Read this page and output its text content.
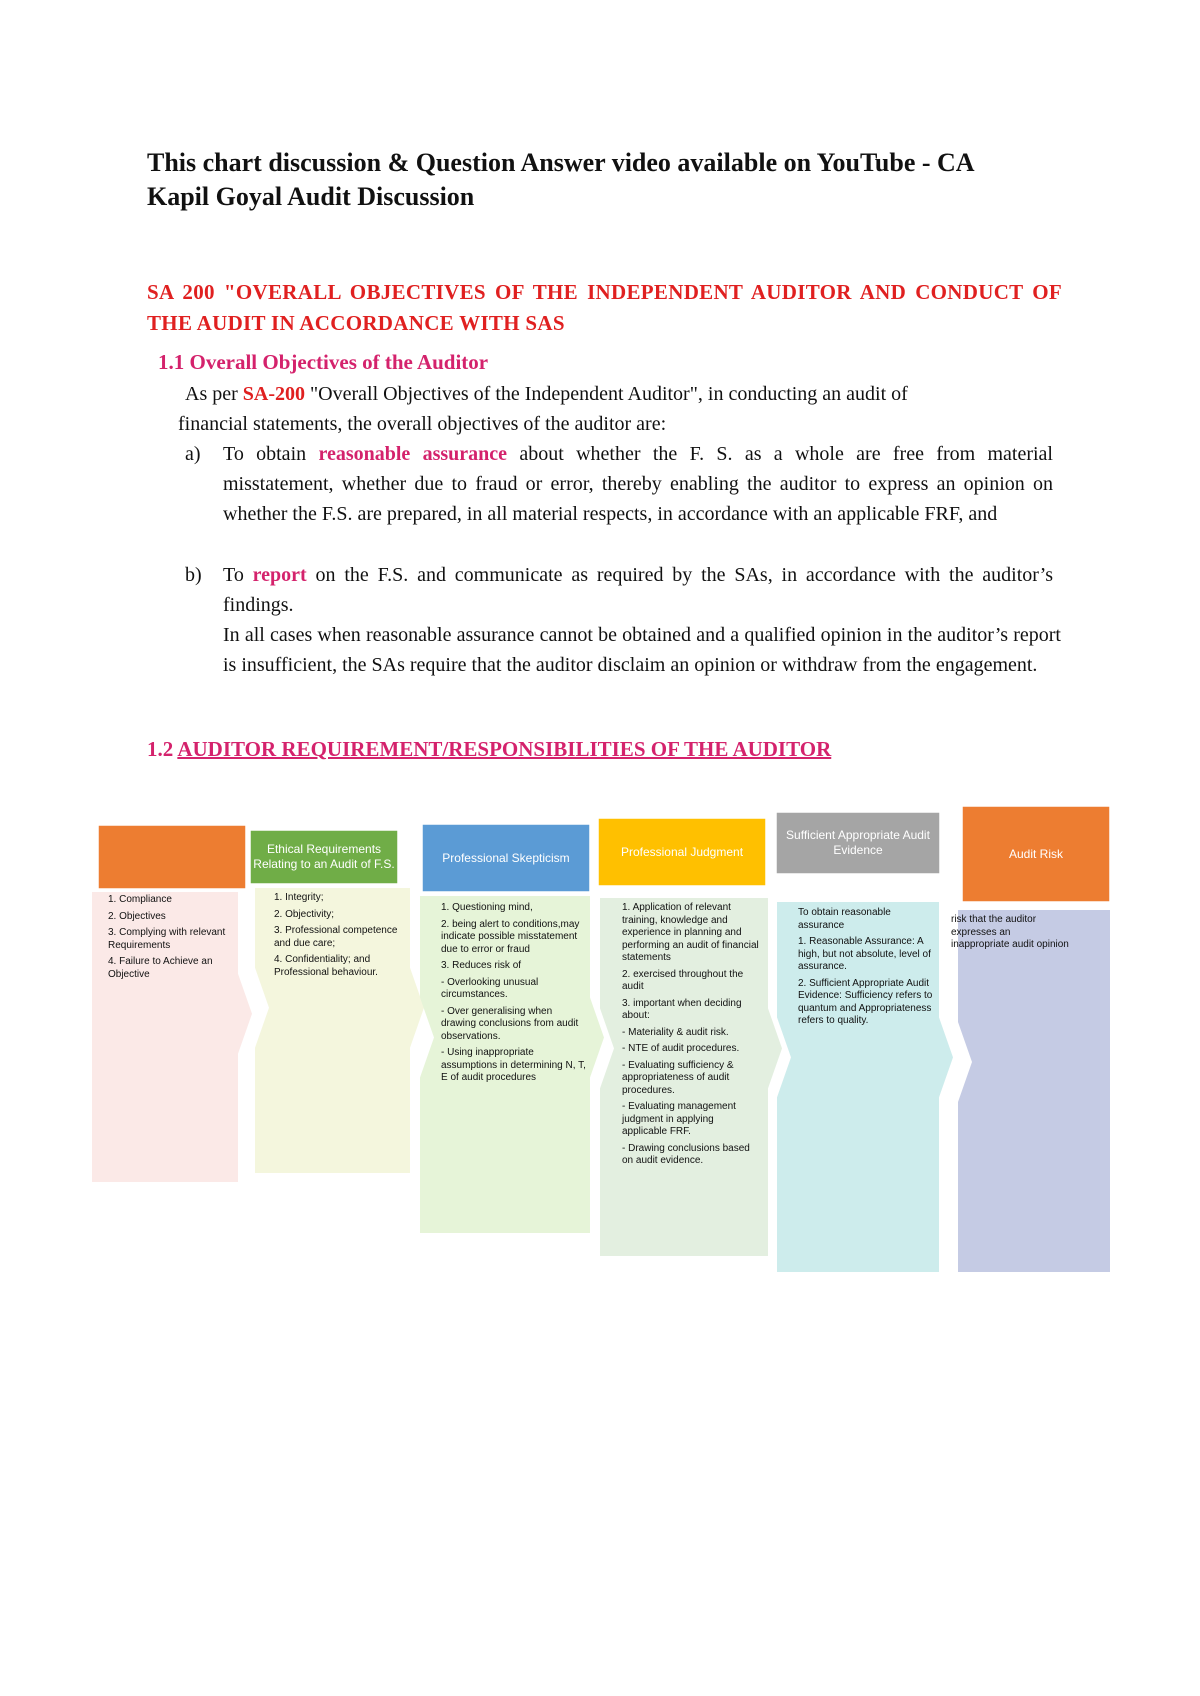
This chart discussion & Question Answer video available on YouTube - CA
Kapil Goyal Audit Discussion
SA 200 "OVERALL OBJECTIVES OF THE INDEPENDENT AUDITOR AND CONDUCT OF THE AUDIT IN ACCORDANCE WITH SAS
1.1 Overall Objectives of the Auditor
As per SA-200 "Overall Objectives of the Independent Auditor", in conducting an audit of
financial statements, the overall objectives of the auditor are:
a) To obtain reasonable assurance about whether the F. S. as a whole are free from material misstatement, whether due to fraud or error, thereby enabling the auditor to express an opinion on whether the F.S. are prepared, in all material respects, in accordance with an applicable FRF, and
b) To report on the F.S. and communicate as required by the SAs, in accordance with the auditor’s findings.
In all cases when reasonable assurance cannot be obtained and a qualified opinion in the auditor’s report is insufficient, the SAs require that the auditor disclaim an opinion or withdraw from the engagement.
1.2 AUDITOR REQUIREMENT/RESPONSIBILITIES OF THE AUDITOR
Ethical Requirements Relating to an Audit of F.S.	Professional Skepticism	Professional Judgment
Sufficient Appropriate Audit Evidence	Audit Risk
1. Compliance
2. Objectives
3. Complying with relevant Requirements
4. Failure to Achieve an Objective
1. Integrity;
2. Objectivity;
3. Professional competence and due care;
4. Confidentiality; and Professional behaviour.
1. Questioning mind,
2. being alert to conditions,may indicate possible misstatement due to error or fraud
3. Reduces risk of
- Overlooking unusual circumstances.
- Over generalising when drawing conclusions from audit observations.
- Using inappropriate assumptions in determining N, T, E of audit procedures
1. Application of relevant training, knowledge and experience in planning and performing an audit of financial statements
2. exercised throughout the audit
3. important when deciding about:
- Materiality & audit risk.
- NTE of audit procedures.
- Evaluating sufficiency & appropriateness of audit procedures.
- Evaluating management judgment in applying applicable FRF.
- Drawing conclusions based on audit evidence.
To obtain reasonable assurance
1. Reasonable Assurance: A high, but not absolute, level of assurance.
2. Sufficient Appropriate Audit Evidence: Sufficiency refers to quantum and Appropriateness refers to quality.
risk that the auditor expresses an inappropriate audit opinion
